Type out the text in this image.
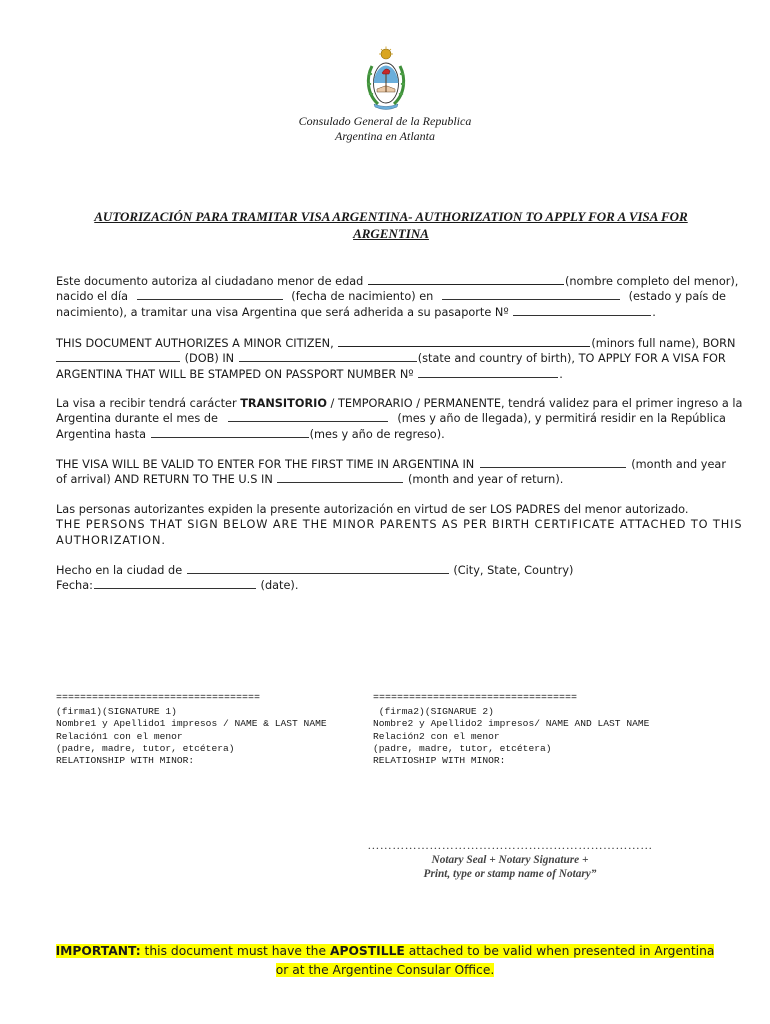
Consulado General de la Republica
Argentina en Atlanta
AUTORIZACIÓN PARA TRAMITAR VISA ARGENTINA- AUTHORIZATION TO APPLY FOR A VISA FOR
ARGENTINA
Este documento autoriza al ciudadano menor de edad	(nombre completo del menor),
nacido el día	(fecha de nacimiento) en	(estado y país de
nacimiento), a tramitar una visa Argentina que será adherida a su pasaporte Nº	.
THIS DOCUMENT AUTHORIZES A MINOR CITIZEN,	(minors full name), BORN
(DOB) IN	(state and country of birth), TO APPLY FOR A VISA FOR
ARGENTINA THAT WILL BE STAMPED ON PASSPORT NUMBER Nº	.
La visa a recibir tendrá carácter TRANSITORIO / TEMPORARIO / PERMANENTE, tendrá validez para el primer ingreso a la
Argentina durante el mes de	(mes y año de llegada), y permitirá residir en la República
Argentina hasta	(mes y año de regreso).
THE VISA WILL BE VALID TO ENTER FOR THE FIRST TIME IN ARGENTINA IN	(month and year
of arrival) AND RETURN TO THE U.S IN	(month and year of return).
Las personas autorizantes expiden la presente autorización en virtud de ser LOS PADRES del menor autorizado.
THE PERSONS THAT SIGN BELOW ARE THE MINOR PARENTS AS PER BIRTH CERTIFICATE ATTACHED TO THIS
AUTHORIZATION.
Hecho en la ciudad de	(City, State, Country)
Fecha:	(date).

==================================
(firma1)(SIGNATURE 1)
Nombre1 y Apellido1 impresos / NAME & LAST NAME
Relación1 con el menor
(padre, madre, tutor, etcétera)
RELATIONSHIP WITH MINOR:

==================================
(firma2)(SIGNARUE 2)
Nombre2 y Apellido2 impresos/ NAME AND LAST NAME
Relación2 con el menor
(padre, madre, tutor, etcétera)
RELATIOSHIP WITH MINOR:

……………………………………………………………
Notary Seal + Notary Signature +
Print, type or stamp name of Notary”
IMPORTANT: this document must have the APOSTILLE attached to be valid when presented in Argentina
or at the Argentine Consular Office.
